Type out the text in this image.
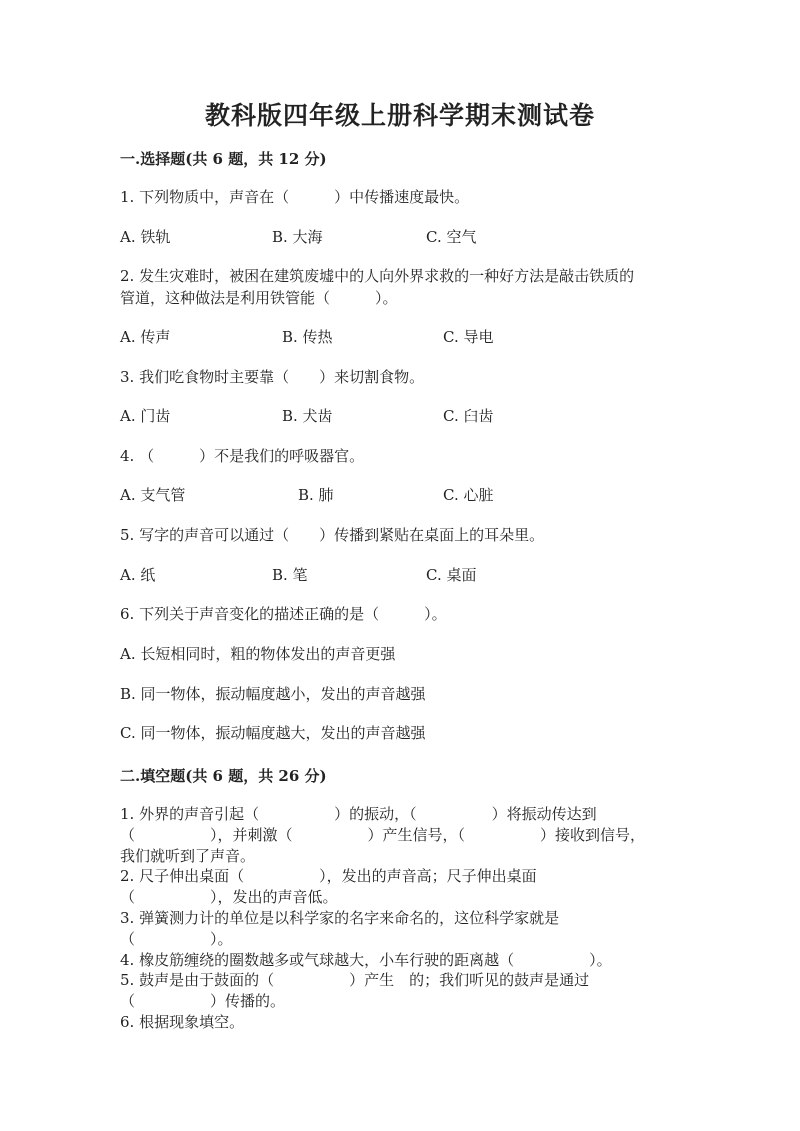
教科版四年级上册科学期末测试卷
一.选择题(共 6 题，共 12 分)
1. 下列物质中，声音在（　　　）中传播速度最快。
A. 铁轨	B. 大海	C. 空气
2. 发生灾难时，被困在建筑废墟中的人向外界求救的一种好方法是敲击铁质的
管道，这种做法是利用铁管能（　　　）。
A. 传声	B. 传热	C. 导电
3. 我们吃食物时主要靠（　　）来切割食物。
A. 门齿	B. 犬齿	C. 臼齿
4. （　　　）不是我们的呼吸器官。
A. 支气管	B. 肺	C. 心脏
5. 写字的声音可以通过（　　）传播到紧贴在桌面上的耳朵里。
A. 纸	B. 笔	C. 桌面
6. 下列关于声音变化的描述正确的是（　　　）。
A. 长短相同时，粗的物体发出的声音更强
B. 同一物体，振动幅度越小，发出的声音越强
C. 同一物体，振动幅度越大，发出的声音越强
二.填空题(共 6 题，共 26 分)
1. 外界的声音引起（　　　　　）的振动，（　　　　　）将振动传达到
（　　　　　），并刺激（　　　　　）产生信号，（　　　　　）接收到信号，
我们就听到了声音。
2. 尺子伸出桌面（　　　　　），发出的声音高；尺子伸出桌面
（　　　　　），发出的声音低。
3. 弹簧测力计的单位是以科学家的名字来命名的，这位科学家就是
（　　　　　）。
4. 橡皮筋缠绕的圈数越多或气球越大，小车行驶的距离越（　　　　　）。
5. 鼓声是由于鼓面的（　　　　　）产生　的；我们听见的鼓声是通过
（　　　　　）传播的。
6. 根据现象填空。
